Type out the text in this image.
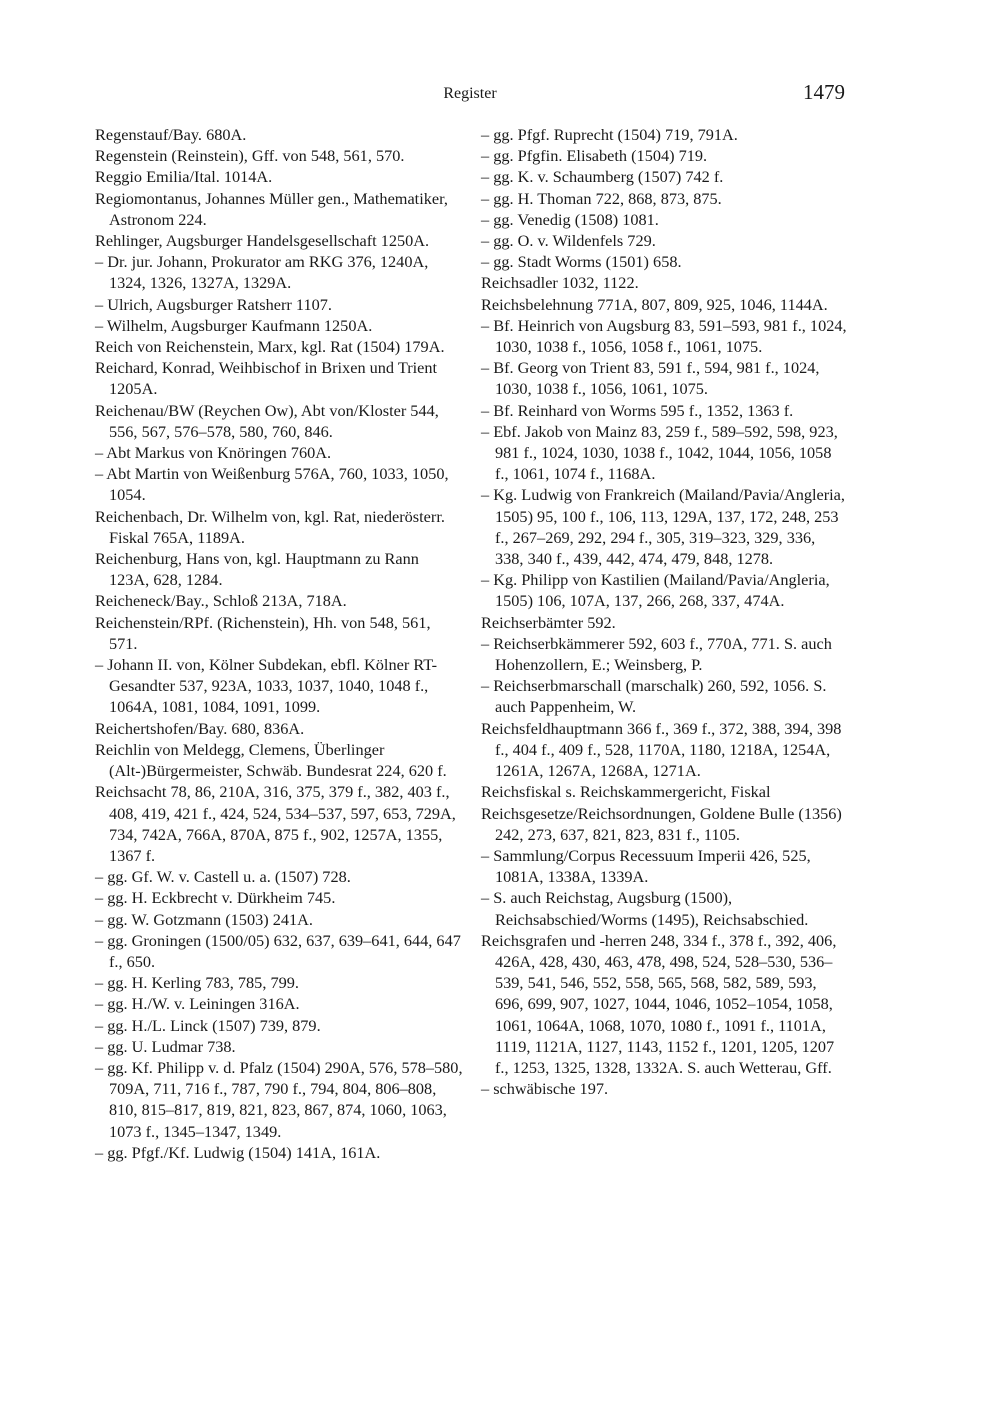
Register	1479
Regenstauf/Bay. 680A.
Regenstein (Reinstein), Gff. von 548, 561, 570.
Reggio Emilia/Ital. 1014A.
Regiomontanus, Johannes Müller gen., Mathematiker, Astronom 224.
Rehlinger, Augsburger Handelsgesellschaft 1250A.
– Dr. jur. Johann, Prokurator am RKG 376, 1240A, 1324, 1326, 1327A, 1329A.
– Ulrich, Augsburger Ratsherr 1107.
– Wilhelm, Augsburger Kaufmann 1250A.
Reich von Reichenstein, Marx, kgl. Rat (1504) 179A.
Reichard, Konrad, Weihbischof in Brixen und Trient 1205A.
Reichenau/BW (Reychen Ow), Abt von/Kloster 544, 556, 567, 576–578, 580, 760, 846.
– Abt Markus von Knöringen 760A.
– Abt Martin von Weißenburg 576A, 760, 1033, 1050, 1054.
Reichenbach, Dr. Wilhelm von, kgl. Rat, niederösterr. Fiskal 765A, 1189A.
Reichenburg, Hans von, kgl. Hauptmann zu Rann 123A, 628, 1284.
Reicheneck/Bay., Schloß 213A, 718A.
Reichenstein/RPf. (Richenstein), Hh. von 548, 561, 571.
– Johann II. von, Kölner Subdekan, ebfl. Kölner RT-Gesandter 537, 923A, 1033, 1037, 1040, 1048 f., 1064A, 1081, 1084, 1091, 1099.
Reichertshofen/Bay. 680, 836A.
Reichlin von Meldegg, Clemens, Überlinger (Alt-)Bürgermeister, Schwäb. Bundesrat 224, 620 f.
Reichsacht 78, 86, 210A, 316, 375, 379 f., 382, 403 f., 408, 419, 421 f., 424, 524, 534–537, 597, 653, 729A, 734, 742A, 766A, 870A, 875 f., 902, 1257A, 1355, 1367 f.
– gg. Gf. W. v. Castell u. a. (1507) 728.
– gg. H. Eckbrecht v. Dürkheim 745.
– gg. W. Gotzmann (1503) 241A.
– gg. Groningen (1500/05) 632, 637, 639–641, 644, 647 f., 650.
– gg. H. Kerling 783, 785, 799.
– gg. H./W. v. Leiningen 316A.
– gg. H./L. Linck (1507) 739, 879.
– gg. U. Ludmar 738.
– gg. Kf. Philipp v. d. Pfalz (1504) 290A, 576, 578–580, 709A, 711, 716 f., 787, 790 f., 794, 804, 806–808, 810, 815–817, 819, 821, 823, 867, 874, 1060, 1063, 1073 f., 1345–1347, 1349.
– gg. Pfgf./Kf. Ludwig (1504) 141A, 161A.
– gg. Pfgf. Ruprecht (1504) 719, 791A.
– gg. Pfgfin. Elisabeth (1504) 719.
– gg. K. v. Schaumberg (1507) 742 f.
– gg. H. Thoman 722, 868, 873, 875.
– gg. Venedig (1508) 1081.
– gg. O. v. Wildenfels 729.
– gg. Stadt Worms (1501) 658.
Reichsadler 1032, 1122.
Reichsbelehnung 771A, 807, 809, 925, 1046, 1144A.
– Bf. Heinrich von Augsburg 83, 591–593, 981 f., 1024, 1030, 1038 f., 1056, 1058 f., 1061, 1075.
– Bf. Georg von Trient 83, 591 f., 594, 981 f., 1024, 1030, 1038 f., 1056, 1061, 1075.
– Bf. Reinhard von Worms 595 f., 1352, 1363 f.
– Ebf. Jakob von Mainz 83, 259 f., 589–592, 598, 923, 981 f., 1024, 1030, 1038 f., 1042, 1044, 1056, 1058 f., 1061, 1074 f., 1168A.
– Kg. Ludwig von Frankreich (Mailand/Pavia/Angleria, 1505) 95, 100 f., 106, 113, 129A, 137, 172, 248, 253 f., 267–269, 292, 294 f., 305, 319–323, 329, 336, 338, 340 f., 439, 442, 474, 479, 848, 1278.
– Kg. Philipp von Kastilien (Mailand/Pavia/Angleria, 1505) 106, 107A, 137, 266, 268, 337, 474A.
Reichserbämter 592.
– Reichserbkämmerer 592, 603 f., 770A, 771. S. auch Hohenzollern, E.; Weinsberg, P.
– Reichserbmarschall (marschalk) 260, 592, 1056. S. auch Pappenheim, W.
Reichsfeldhauptmann 366 f., 369 f., 372, 388, 394, 398 f., 404 f., 409 f., 528, 1170A, 1180, 1218A, 1254A, 1261A, 1267A, 1268A, 1271A.
Reichsfiskal s. Reichskammergericht, Fiskal
Reichsgesetze/Reichsordnungen, Goldene Bulle (1356) 242, 273, 637, 821, 823, 831 f., 1105.
– Sammlung/Corpus Recessuum Imperii 426, 525, 1081A, 1338A, 1339A.
– S. auch Reichstag, Augsburg (1500), Reichsabschied/Worms (1495), Reichsabschied.
Reichsgrafen und -herren 248, 334 f., 378 f., 392, 406, 426A, 428, 430, 463, 478, 498, 524, 528–530, 536–539, 541, 546, 552, 558, 565, 568, 582, 589, 593, 696, 699, 907, 1027, 1044, 1046, 1052–1054, 1058, 1061, 1064A, 1068, 1070, 1080 f., 1091 f., 1101A, 1119, 1121A, 1127, 1143, 1152 f., 1201, 1205, 1207 f., 1253, 1325, 1328, 1332A. S. auch Wetterau, Gff.
– schwäbische 197.
